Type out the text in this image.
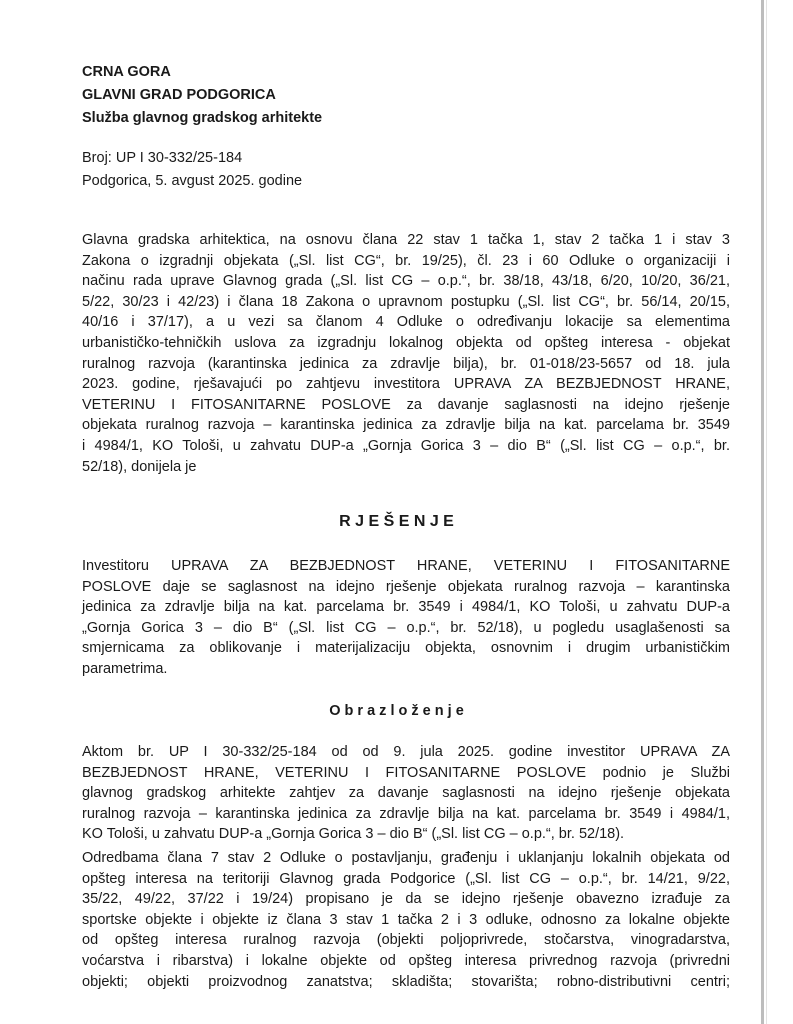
CRNA GORA
GLAVNI GRAD PODGORICA
Služba glavnog gradskog arhitekte
Broj: UP I 30-332/25-184
Podgorica, 5. avgust 2025. godine
Glavna gradska arhitektica, na osnovu člana 22 stav 1 tačka 1, stav 2 tačka 1 i stav 3
Zakona o izgradnji objekata („Sl. list CG“, br. 19/25), čl. 23 i 60 Odluke o organizaciji i
načinu rada uprave Glavnog grada („Sl. list CG – o.p.“, br. 38/18, 43/18, 6/20, 10/20, 36/21,
5/22, 30/23 i 42/23) i člana 18 Zakona o upravnom postupku („Sl. list CG“, br. 56/14, 20/15,
40/16 i 37/17), a u vezi sa članom 4 Odluke o određivanju lokacije sa elementima
urbanističko-tehničkih uslova za izgradnju lokalnog objekta od opšteg interesa - objekat
ruralnog razvoja (karantinska jedinica za zdravlje bilja), br. 01-018/23-5657 od 18. jula
2023. godine, rješavajući po zahtjevu investitora UPRAVA ZA BEZBJEDNOST HRANE,
VETERINU I FITOSANITARNE POSLOVE za davanje saglasnosti na idejno rješenje
objekata ruralnog razvoja – karantinska jedinica za zdravlje bilja na kat. parcelama br. 3549
i 4984/1, KO Tološi, u zahvatu DUP-a „Gornja Gorica 3 – dio B“ („Sl. list CG – o.p.“, br.
52/18), donijela je
R J E Š E N J E
Investitoru UPRAVA ZA BEZBJEDNOST HRANE, VETERINU I FITOSANITARNE
POSLOVE daje se saglasnost na idejno rješenje objekata ruralnog razvoja – karantinska
jedinica za zdravlje bilja na kat. parcelama br. 3549 i 4984/1, KO Tološi, u zahvatu DUP-a
„Gornja Gorica 3 – dio B“ („Sl. list CG – o.p.“, br. 52/18), u pogledu usaglašenosti sa
smjernicama za oblikovanje i materijalizaciju objekta, osnovnim i drugim urbanističkim
parametrima.
O b r a z l o ž e n j e
Aktom br. UP I 30-332/25-184 od od 9. jula 2025. godine investitor UPRAVA ZA
BEZBJEDNOST HRANE, VETERINU I FITOSANITARNE POSLOVE podnio je Službi
glavnog gradskog arhitekte zahtjev za davanje saglasnosti na idejno rješenje objekata
ruralnog razvoja – karantinska jedinica za zdravlje bilja na kat. parcelama br. 3549 i 4984/1,
KO Tološi, u zahvatu DUP-a „Gornja Gorica 3 – dio B“ („Sl. list CG – o.p.“, br. 52/18).
Odredbama člana 7 stav 2 Odluke o postavljanju, građenju i uklanjanju lokalnih objekata od
opšteg interesa na teritoriji Glavnog grada Podgorice („Sl. list CG – o.p.“, br. 14/21, 9/22,
35/22, 49/22, 37/22 i 19/24) propisano je da se idejno rješenje obavezno izrađuje za
sportske objekte i objekte iz člana 3 stav 1 tačka 2 i 3 odluke, odnosno za lokalne objekte
od opšteg interesa ruralnog razvoja (objekti poljoprivrede, stočarstva, vinogradarstva,
voćarstva i ribarstva) i lokalne objekte od opšteg interesa privrednog razvoja (privredni
objekti; objekti proizvodnog zanatstva; skladišta; stovarišta; robno-distributivni centri;
